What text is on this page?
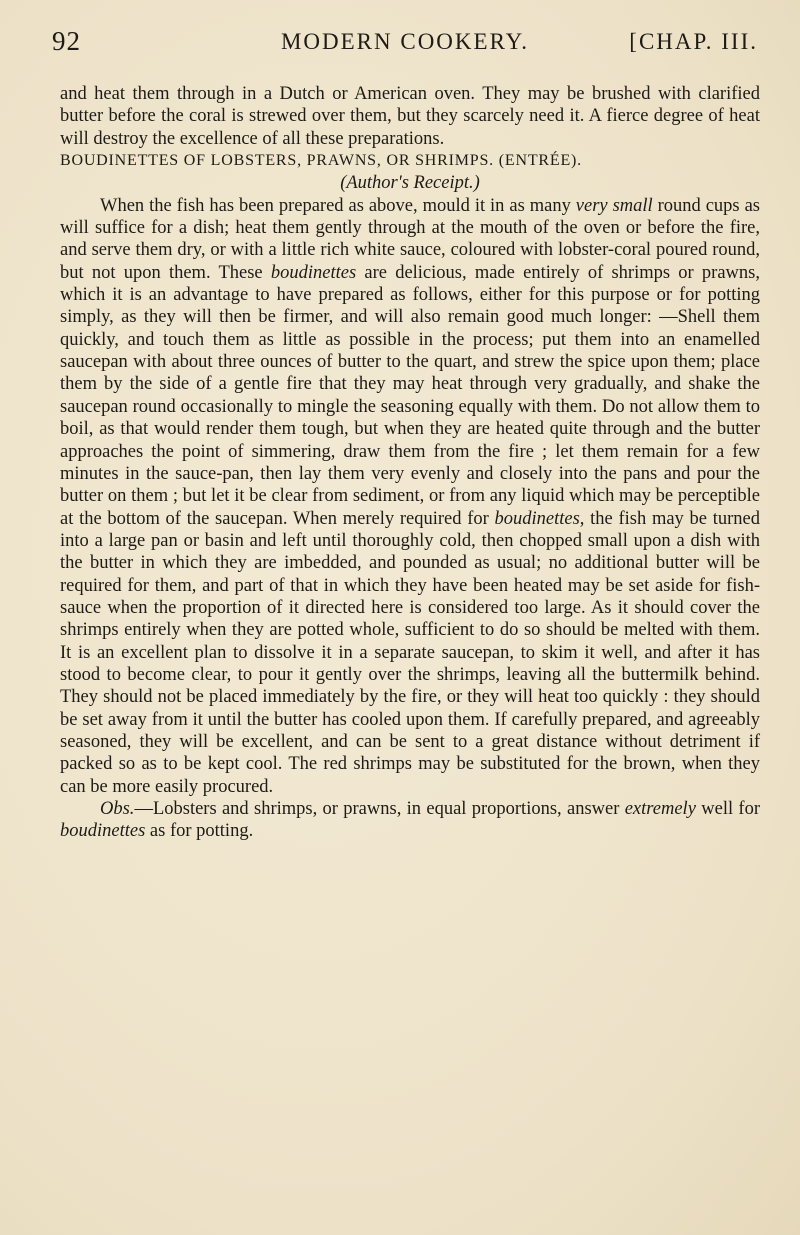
92	MODERN COOKERY.	[CHAP. III.

and heat them through in a Dutch or American oven. They may be brushed with clarified butter before the coral is strewed over them, but they scarcely need it. A fierce degree of heat will destroy the excellence of all these preparations.

BOUDINETTES OF LOBSTERS, PRAWNS, OR SHRIMPS. (ENTRÉE).

(Author's Receipt.)

When the fish has been prepared as above, mould it in as many very small round cups as will suffice for a dish; heat them gently through at the mouth of the oven or before the fire, and serve them dry, or with a little rich white sauce, coloured with lobster-coral poured round, but not upon them. These boudinettes are delicious, made entirely of shrimps or prawns, which it is an advantage to have prepared as follows, either for this purpose or for potting simply, as they will then be firmer, and will also remain good much longer: —Shell them quickly, and touch them as little as possible in the process; put them into an enamelled saucepan with about three ounces of butter to the quart, and strew the spice upon them; place them by the side of a gentle fire that they may heat through very gradually, and shake the saucepan round occasionally to mingle the seasoning equally with them. Do not allow them to boil, as that would render them tough, but when they are heated quite through and the butter approaches the point of simmering, draw them from the fire ; let them remain for a few minutes in the sauce-pan, then lay them very evenly and closely into the pans and pour the butter on them ; but let it be clear from sediment, or from any liquid which may be perceptible at the bottom of the saucepan. When merely required for boudinettes, the fish may be turned into a large pan or basin and left until thoroughly cold, then chopped small upon a dish with the butter in which they are imbedded, and pounded as usual; no additional butter will be required for them, and part of that in which they have been heated may be set aside for fish-sauce when the proportion of it directed here is considered too large. As it should cover the shrimps entirely when they are potted whole, sufficient to do so should be melted with them. It is an excellent plan to dissolve it in a separate saucepan, to skim it well, and after it has stood to become clear, to pour it gently over the shrimps, leaving all the buttermilk behind. They should not be placed immediately by the fire, or they will heat too quickly : they should be set away from it until the butter has cooled upon them. If carefully prepared, and agreeably seasoned, they will be excellent, and can be sent to a great distance without detriment if packed so as to be kept cool. The red shrimps may be substituted for the brown, when they can be more easily procured.

Obs.—Lobsters and shrimps, or prawns, in equal proportions, answer extremely well for boudinettes as for potting.
